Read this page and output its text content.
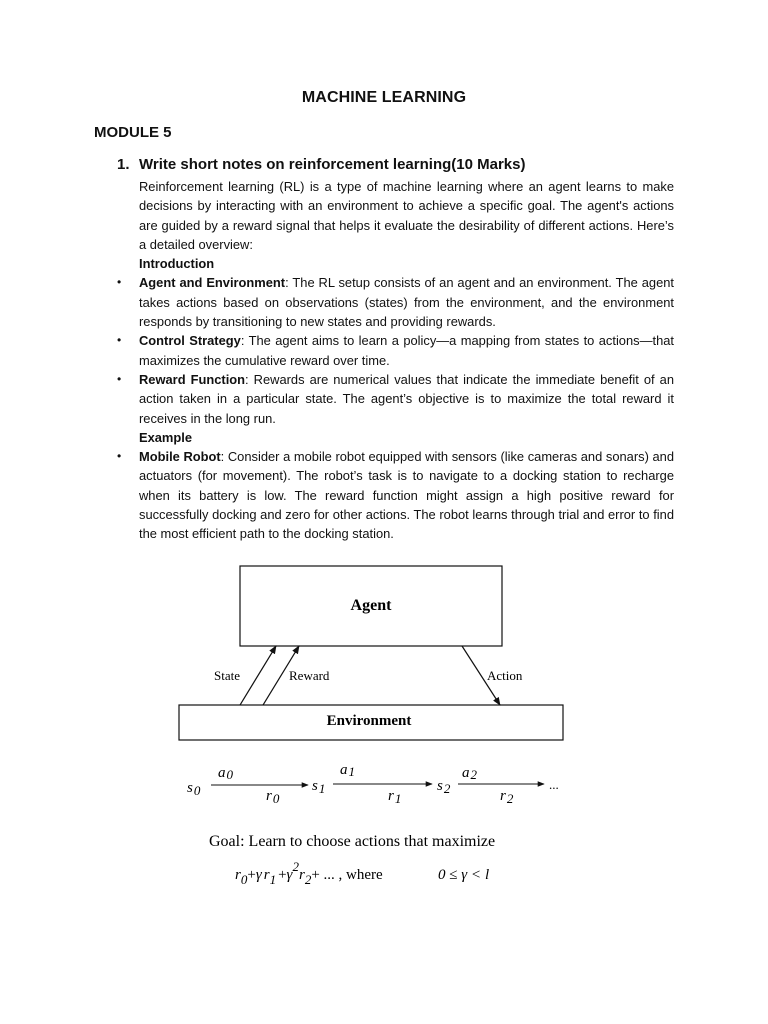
MACHINE LEARNING
MODULE 5
1. Write short notes on reinforcement learning(10 Marks)

Reinforcement learning (RL) is a type of machine learning where an agent learns to make decisions by interacting with an environment to achieve a specific goal. The agent's actions are guided by a reward signal that helps it evaluate the desirability of different actions. Here’s a detailed overview:

Introduction
• Agent and Environment: The RL setup consists of an agent and an environment. The agent takes actions based on observations (states) from the environment, and the environment responds by transitioning to new states and providing rewards.
• Control Strategy: The agent aims to learn a policy—a mapping from states to actions—that maximizes the cumulative reward over time.
• Reward Function: Rewards are numerical values that indicate the immediate benefit of an action taken in a particular state. The agent’s objective is to maximize the total reward it receives in the long run.
Example
• Mobile Robot: Consider a mobile robot equipped with sensors (like cameras and sonars) and actuators (for movement). The robot’s task is to navigate to a docking station to recharge when its battery is low. The reward function might assign a high positive reward for successfully docking and zero for other actions. The robot learns through trial and error to find the most efficient path to the docking station.
Agent
Environment
State	Reward	Action
s0
a0
r0
s1
a1
r1
s2
a2
r2
...
Goal: Learn to choose actions that maximize
r0+γ r1 +γ2r2+ ... , where	0 ≤ γ < l
